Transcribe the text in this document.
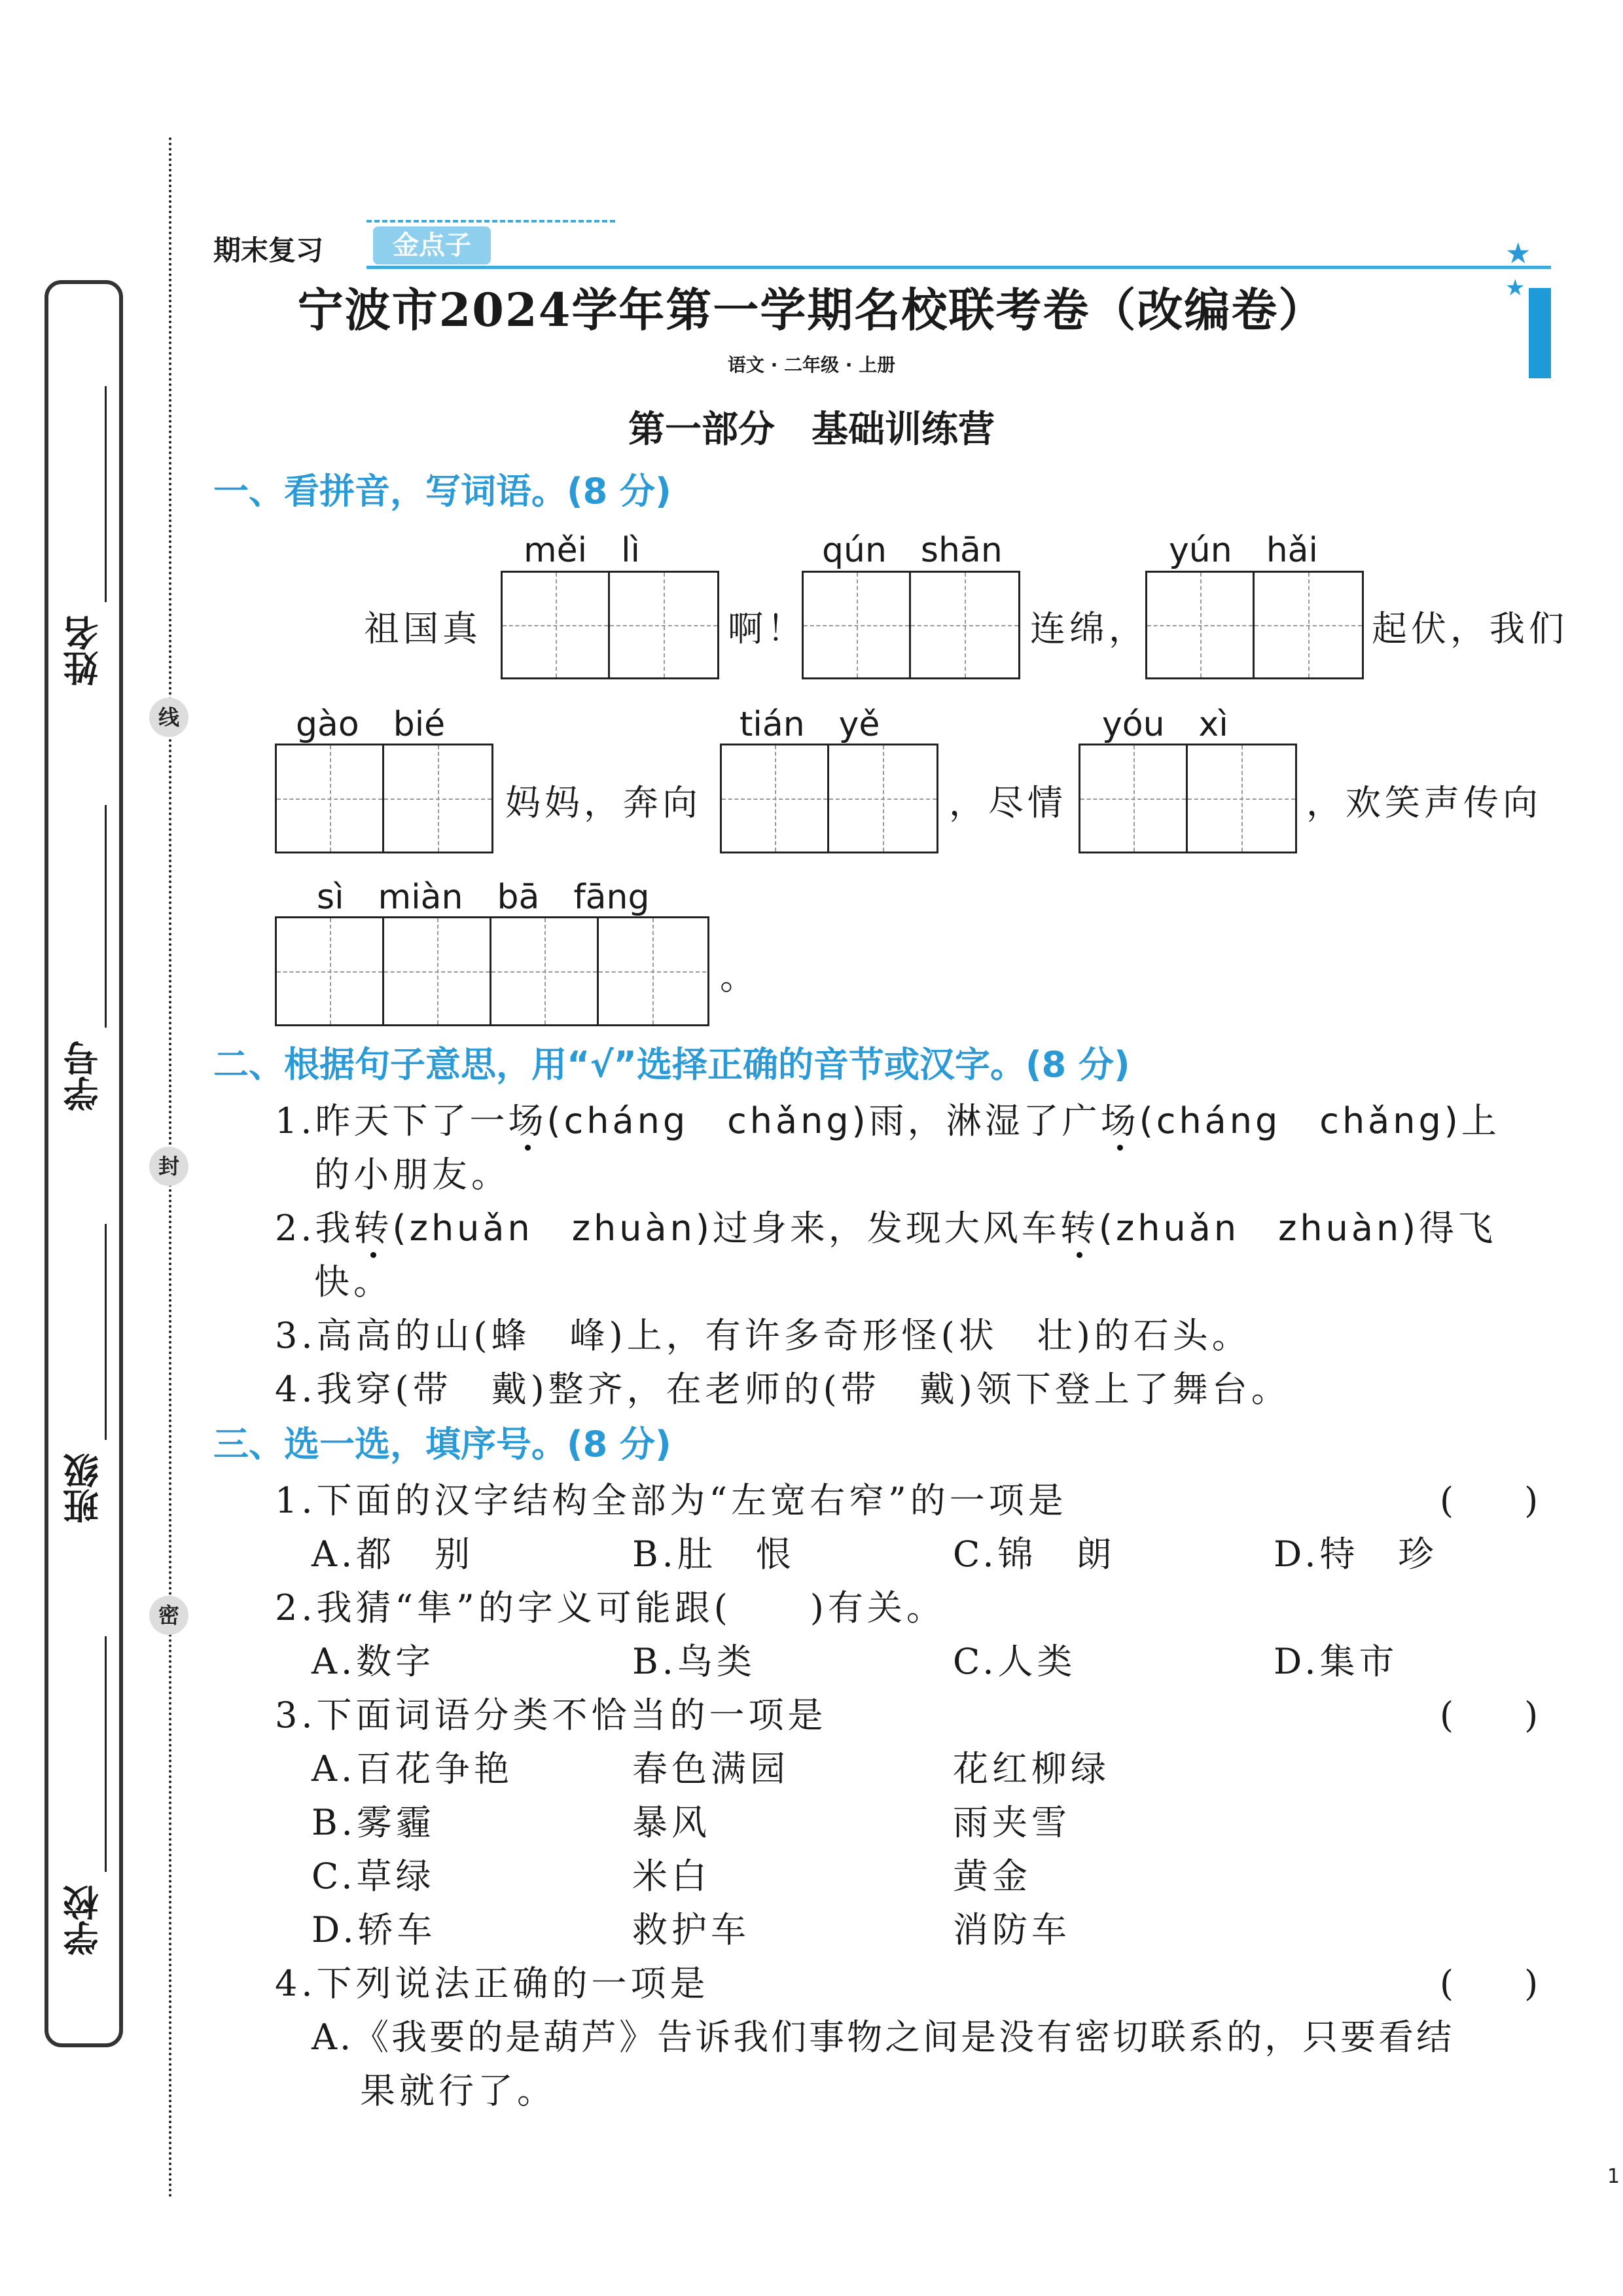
姓名
学号
班级
学校
线
封
密
期末复习	金点子	★
★
宁波市2024学年第一学期名校联考卷（改编卷）
语文 · 二年级 · 上册
第一部分　基础训练营
一、看拼音，写词语。(8 分)
měi　lì	qún　shān	yún　hǎi
祖国真	啊！	连绵，	起伏，我们
gào　bié	tián　yě	yóu　xì
妈妈，奔向	，尽情	，欢笑声传向
sì　miàn　bā　fāng
。
二、根据句子意思，用“√”选择正确的音节或汉字。(8 分)
1.昨天下了一场(cháng　chǎng)雨，淋湿了广场(cháng　chǎng)上
的小朋友。
2.我转(zhuǎn　zhuàn)过身来，发现大风车转(zhuǎn　zhuàn)得飞
快。
3.高高的山(蜂　峰)上，有许多奇形怪(状　壮)的石头。
4.我穿(带　戴)整齐，在老师的(带　戴)领下登上了舞台。
三、选一选，填序号。(8 分)
1.下面的汉字结构全部为“左宽右窄”的一项是	(　　)
A.都　别	B.肚　恨	C.锦　朗	D.特　珍
2.我猜“隼”的字义可能跟(　　)有关。
A.数字	B.鸟类	C.人类	D.集市
3.下面词语分类不恰当的一项是	(　　)
A.百花争艳	春色满园	花红柳绿
B.雾霾	暴风	雨夹雪
C.草绿	米白	黄金
D.轿车	救护车	消防车
4.下列说法正确的一项是	(　　)
A.《我要的是葫芦》告诉我们事物之间是没有密切联系的，只要看结
果就行了。
1
